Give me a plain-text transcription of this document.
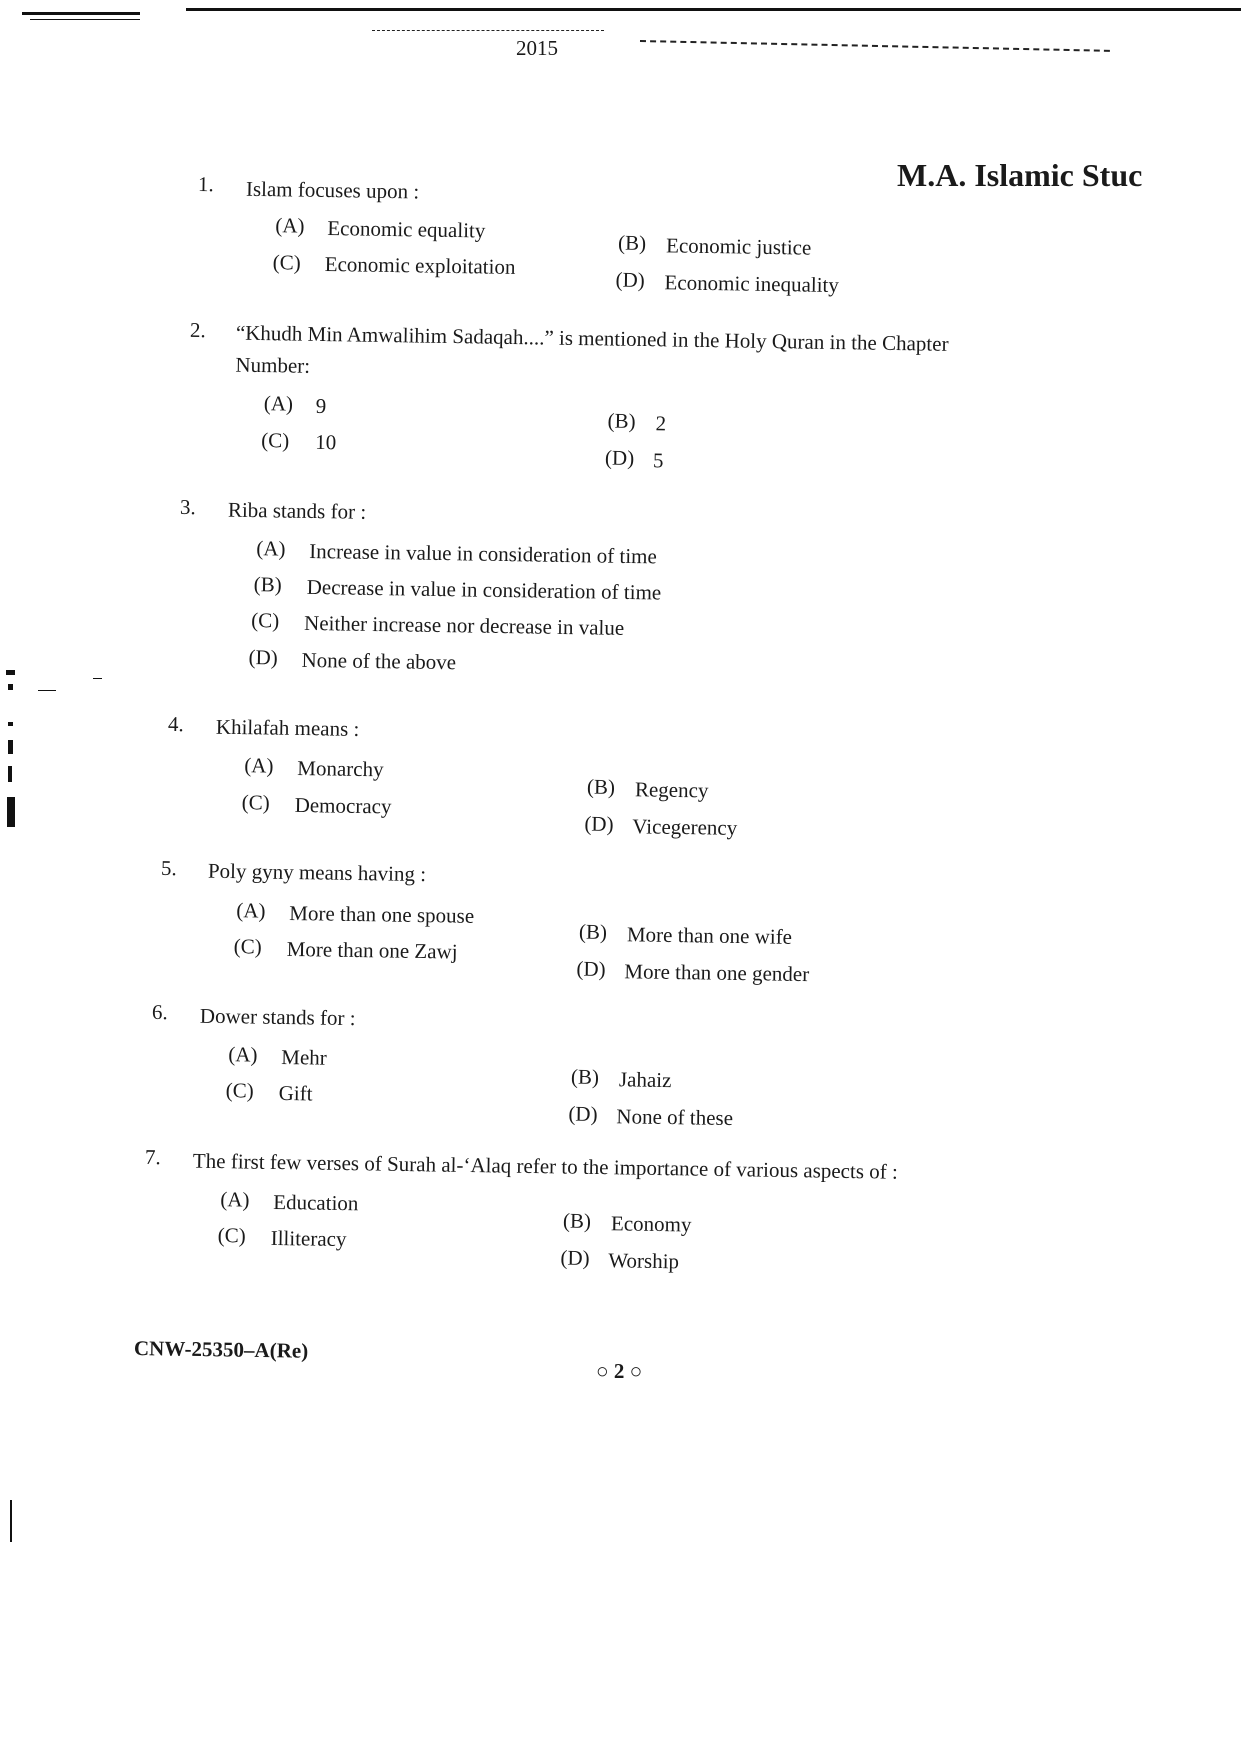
2015
M.A. Islamic Stuc
1. Islam focuses upon :
(A) Economic equality
(B) Economic justice
(C) Economic exploitation
(D) Economic inequality
2. “Khudh Min Amwalihim Sadaqah....” is mentioned in the Holy Quran in the Chapter
Number:
(A) 9
(B) 2
(C) 10
(D) 5
3. Riba stands for :
(A) Increase in value in consideration of time
(B) Decrease in value in consideration of time
(C) Neither increase nor decrease in value
(D) None of the above
4. Khilafah means :
(A) Monarchy
(B) Regency
(C) Democracy
(D) Vicegerency
5. Poly gyny means having :
(A) More than one spouse
(B) More than one wife
(C) More than one Zawj
(D) More than one gender
6. Dower stands for :
(A) Mehr
(B) Jahaiz
(C) Gift
(D) None of these
7. The first few verses of Surah al-‘Alaq refer to the importance of various aspects of :
(A) Education
(B) Economy
(C) Illiteracy
(D) Worship
CNW-25350–A(Re)
○ 2 ○
